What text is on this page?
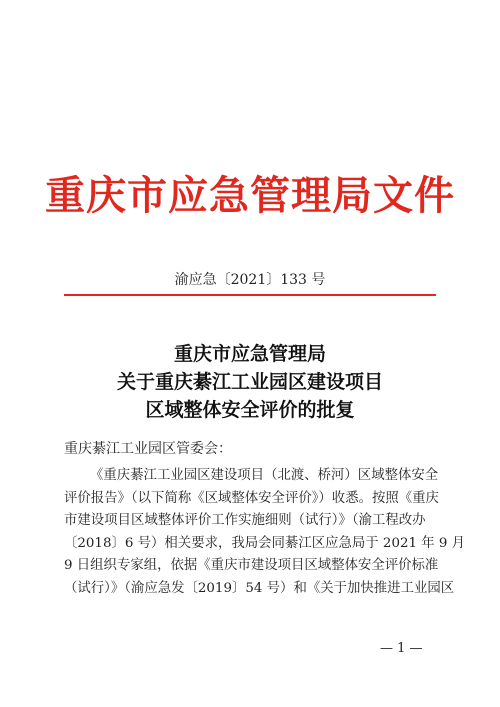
重庆市应急管理局文件
渝应急〔2021〕133 号
重庆市应急管理局
关于重庆綦江工业园区建设项目
区域整体安全评价的批复
重庆綦江工业园区管委会：
《重庆綦江工业园区建设项目（北渡、桥河）区域整体安全
评价报告》（以下简称《区域整体安全评价》）收悉。按照《重庆
市建设项目区域整体评价工作实施细则（试行）》（渝工程改办
〔2018〕6 号）相关要求，我局会同綦江区应急局于 2021 年 9 月
9 日组织专家组，依据《重庆市建设项目区域整体安全评价标准
（试行）》（渝应急发〔2019〕54 号）和《关于加快推进工业园区
— 1 —
